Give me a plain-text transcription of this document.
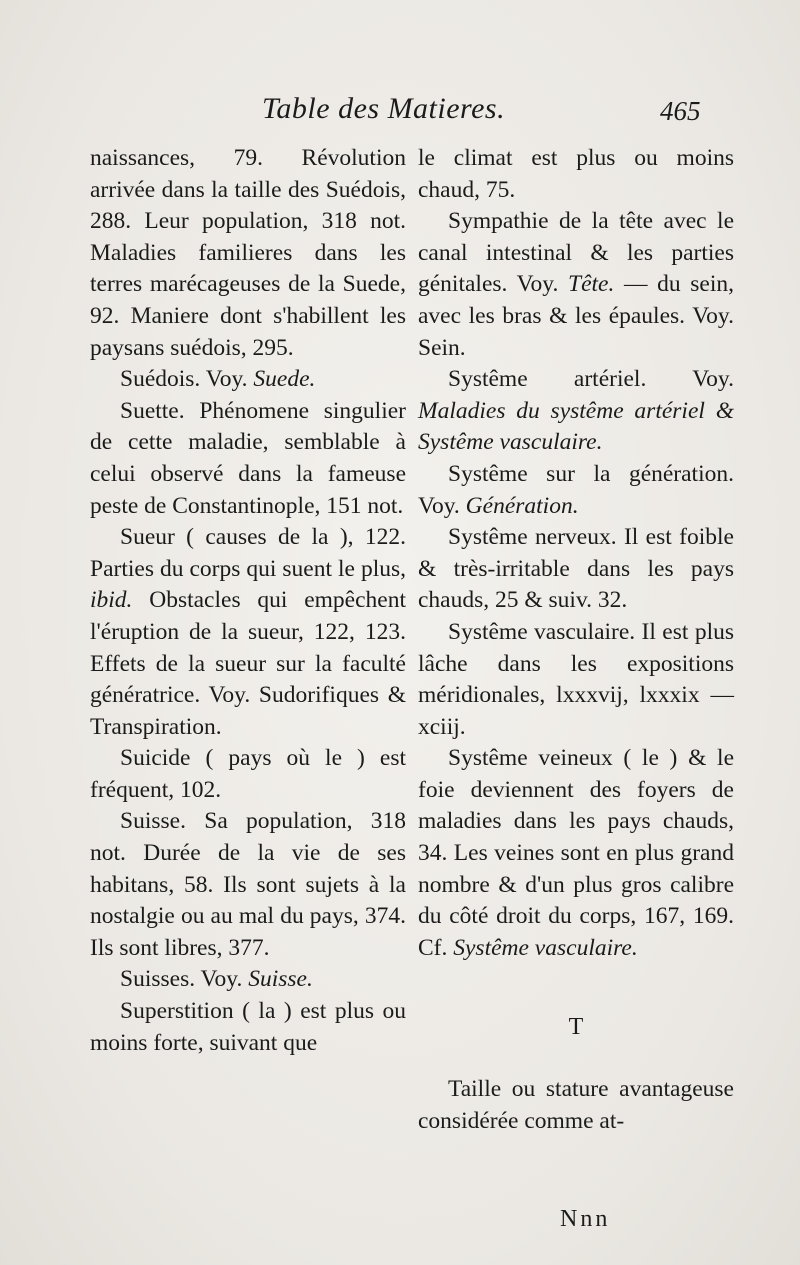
Table des Matieres.	465

naissances, 79. Révolution arrivée dans la taille des Suédois, 288. Leur population, 318 not. Maladies familieres dans les terres marécageuses de la Suede, 92. Maniere dont s'habillent les paysans suédois, 295.

Suédois. Voy. Suede.

Suette. Phénomene singulier de cette maladie, semblable à celui observé dans la fameuse peste de Constantinople, 151 not.

Sueur ( causes de la ), 122. Parties du corps qui suent le plus, ibid. Obstacles qui empêchent l'éruption de la sueur, 122, 123. Effets de la sueur sur la faculté génératrice. Voy. Sudorifiques & Transpiration.

Suicide ( pays où le ) est fréquent, 102.

Suisse. Sa population, 318 not. Durée de la vie de ses habitans, 58. Ils sont sujets à la nostalgie ou au mal du pays, 374. Ils sont libres, 377.

Suisses. Voy. Suisse.

Superstition ( la ) est plus ou moins forte, suivant que

le climat est plus ou moins chaud, 75.

Sympathie de la tête avec le canal intestinal & les parties génitales. Voy. Tête. — du sein, avec les bras & les épaules. Voy. Sein.

Systême artériel. Voy. Maladies du systême artériel & Systême vasculaire.

Systême sur la génération. Voy. Génération.

Systême nerveux. Il est foible & très-irritable dans les pays chauds, 25 & suiv. 32.

Systême vasculaire. Il est plus lâche dans les expositions méridionales, lxxxvij, lxxxix — xciij.

Systême veineux ( le ) & le foie deviennent des foyers de maladies dans les pays chauds, 34. Les veines sont en plus grand nombre & d'un plus gros calibre du côté droit du corps, 167, 169. Cf. Systême vasculaire.

T

Taille ou stature avantageuse considérée comme at-

Nnn
